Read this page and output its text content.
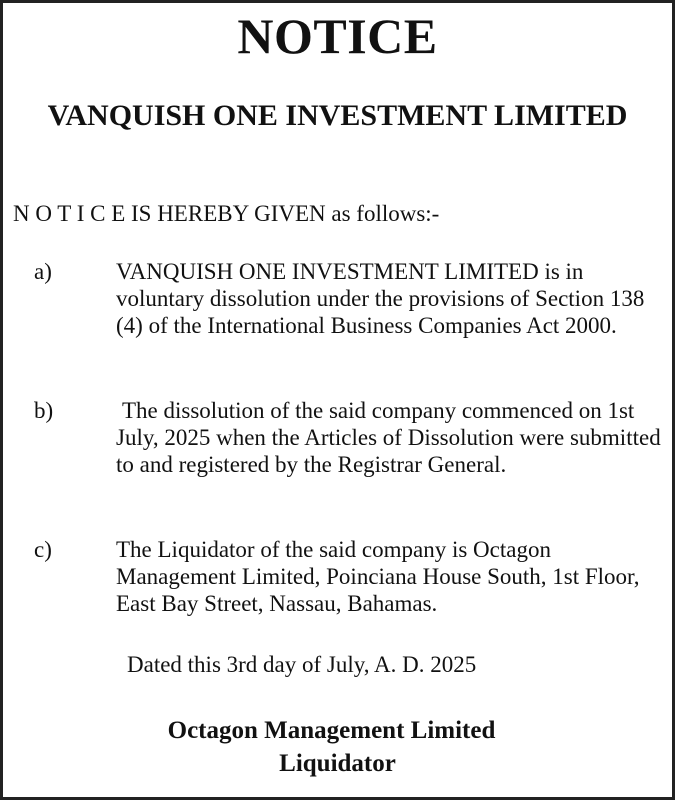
NOTICE
VANQUISH ONE INVESTMENT LIMITED
N O T I C E IS HEREBY GIVEN as follows:-
a)	VANQUISH ONE INVESTMENT LIMITED is in voluntary dissolution under the provisions of Section 138 (4) of the International Business Companies Act 2000.
b)	The dissolution of the said company commenced on 1st July, 2025 when the Articles of Dissolution were submitted to and registered by the Registrar General.
c)	The Liquidator of the said company is Octagon Management Limited, Poinciana House South, 1st Floor, East Bay Street, Nassau, Bahamas.
Dated this 3rd day of July, A. D. 2025
Octagon Management Limited
Liquidator
